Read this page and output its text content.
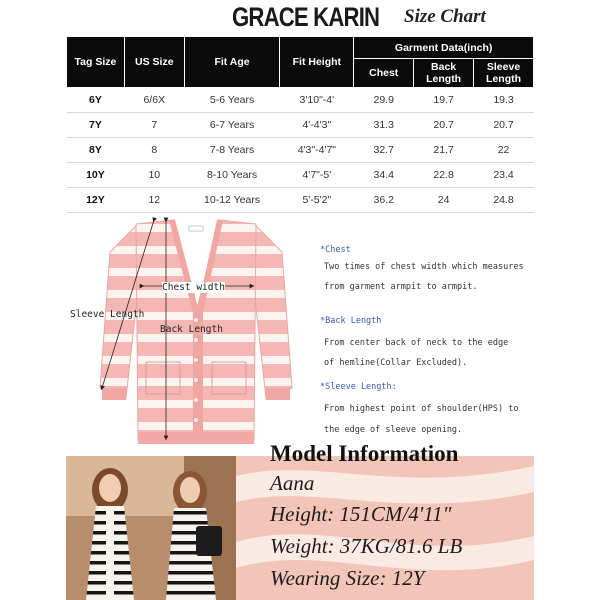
GRACE KARIN Size Chart
Tag Size	US Size	Fit Age	Fit Height	Garment Data(inch)		
				Chest	Back Length	Sleeve Length
6Y	6/6X	5-6 Years	3'10"-4'	29.9	19.7	19.3
7Y	7	6-7 Years	4'-4'3"	31.3	20.7	20.7
8Y	8	7-8 Years	4'3"-4'7"	32.7	21.7	22
10Y	10	8-10 Years	4'7"-5'	34.4	22.8	23.4
12Y	12	10-12 Years	5'-5'2"	36.2	24	24.8
Sleeve Length
Chest width
Back Length
*Chest
Two times of chest width which measures
from garment armpit to armpit.
*Back Length
From center back of neck to the edge
of hemline(Collar Excluded).
*Sleeve Length:
From highest point of shoulder(HPS) to
the edge of sleeve opening.
Model Information
Aana
Height: 151CM/4'11"
Weight: 37KG/81.6 LB
Wearing Size: 12Y
